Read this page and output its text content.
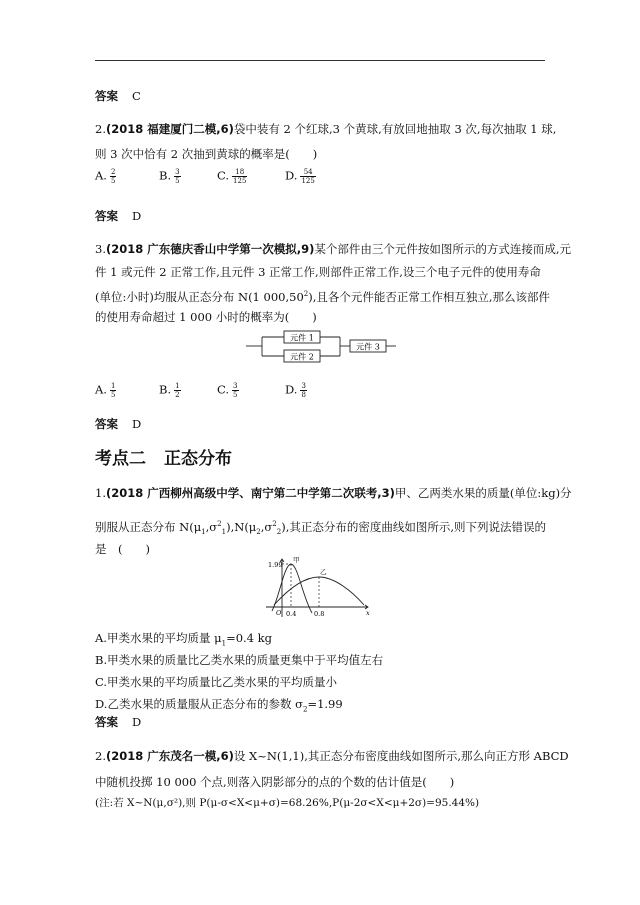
答案 C
2.(2018 福建厦门二模,6)袋中装有 2 个红球,3 个黄球,有放回地抽取 3 次,每次抽取 1 球,
则 3 次中恰有 2 次抽到黄球的概率是(　　)
A. $\frac{2}{5}$	B. $\frac{3}{5}$	C. $\frac{18}{125}$	D. $\frac{54}{125}$
答案 D
3.(2018 广东德庆香山中学第一次模拟,9)某个部件由三个元件按如图所示的方式连接而成,元
件 1 或元件 2 正常工作,且元件 3 正常工作,则部件正常工作,设三个电子元件的使用寿命
(单位:小时)均服从正态分布 N(1 000,50$^2$),且各个元件能否正常工作相互独立,那么该部件
的使用寿命超过 1 000 小时的概率为(　　)
元件 1
元件 2
元件 3
A. $\frac{1}{5}$	B. $\frac{1}{2}$	C. $\frac{3}{5}$	D. $\frac{3}{8}$
答案 D
考点二 正态分布
1.(2018 广西柳州高级中学、南宁第二中学第二次联考,3)甲、乙两类水果的质量(单位:kg)分
别服从正态分布 $N(\mu_1,\sigma^2_1),N(\mu_2,\sigma^2_2)$,其正态分布的密度曲线如图所示,则下列说法错误的
是　(　　)
1.99
甲
乙
O 0.4	0.8	x
A.甲类水果的平均质量 $\mu_1=0.4$ kg
B.甲类水果的质量比乙类水果的质量更集中于平均值左右
C.甲类水果的平均质量比乙类水果的平均质量小
D.乙类水果的质量服从正态分布的参数 $\sigma_2=1.99$
答案 D
2.(2018 广东茂名一模,6)设 X~N(1,1),其正态分布密度曲线如图所示,那么向正方形 ABCD
中随机投掷 10 000 个点,则落入阴影部分的点的个数的估计值是(　　)
(注:若 X~N(μ,σ²),则 P(μ-σ<X<μ+σ)=68.26%,P(μ-2σ<X<μ+2σ)=95.44%)
